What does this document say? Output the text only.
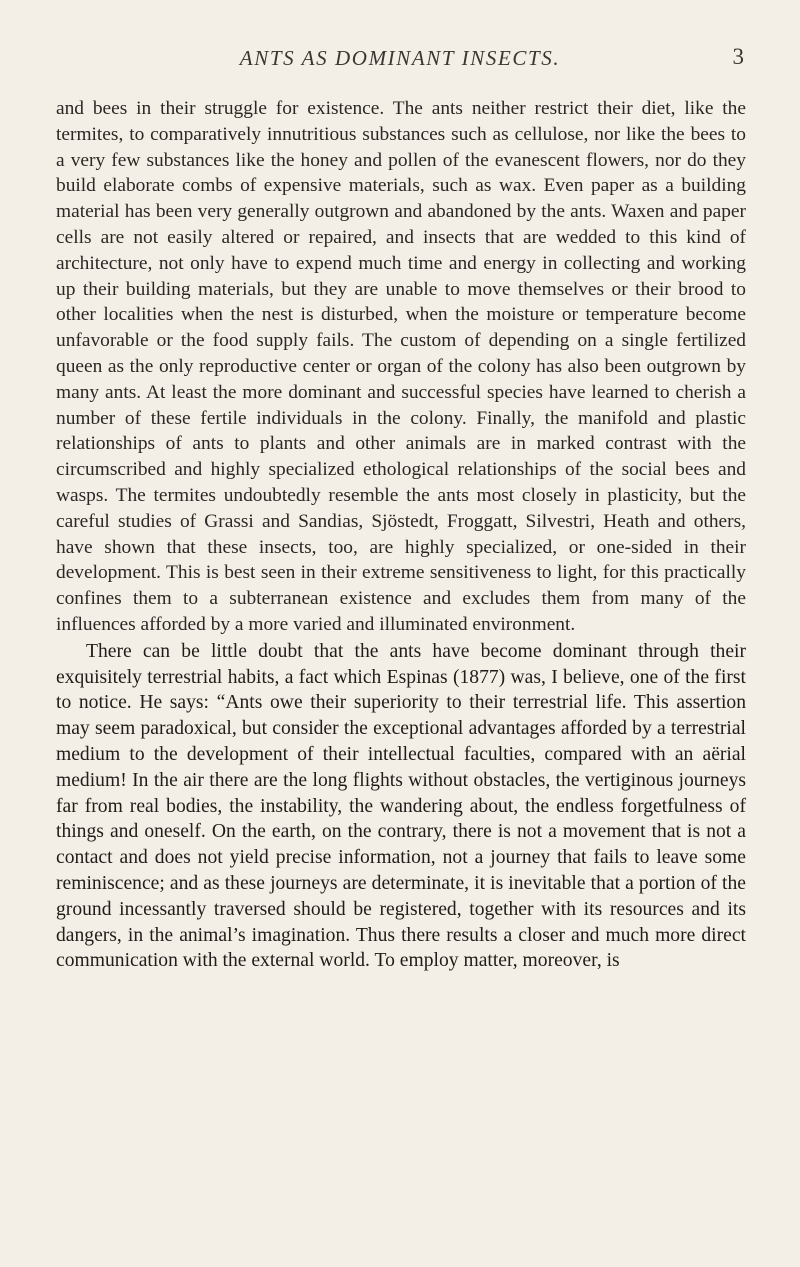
ANTS AS DOMINANT INSECTS.	3

and bees in their struggle for existence. The ants neither restrict their diet, like the termites, to comparatively innutritious substances such as cellulose, nor like the bees to a very few substances like the honey and pollen of the evanescent flowers, nor do they build elaborate combs of expensive materials, such as wax. Even paper as a building material has been very generally outgrown and abandoned by the ants. Waxen and paper cells are not easily altered or repaired, and insects that are wedded to this kind of architecture, not only have to expend much time and energy in collecting and working up their building materials, but they are unable to move themselves or their brood to other localities when the nest is disturbed, when the moisture or temperature become unfavorable or the food supply fails. The custom of depending on a single fertilized queen as the only reproductive center or organ of the colony has also been outgrown by many ants. At least the more dominant and successful species have learned to cherish a number of these fertile individuals in the colony. Finally, the manifold and plastic relationships of ants to plants and other animals are in marked contrast with the circumscribed and highly specialized ethological relationships of the social bees and wasps. The termites undoubtedly resemble the ants most closely in plasticity, but the careful studies of Grassi and Sandias, Sjöstedt, Froggatt, Silvestri, Heath and others, have shown that these insects, too, are highly specialized, or one-sided in their development. This is best seen in their extreme sensitiveness to light, for this practically confines them to a subterranean existence and excludes them from many of the influences afforded by a more varied and illuminated environment.

There can be little doubt that the ants have become dominant through their exquisitely terrestrial habits, a fact which Espinas (1877) was, I believe, one of the first to notice. He says: “Ants owe their superiority to their terrestrial life. This assertion may seem paradoxical, but consider the exceptional advantages afforded by a terrestrial medium to the development of their intellectual faculties, compared with an aërial medium! In the air there are the long flights without obstacles, the vertiginous journeys far from real bodies, the instability, the wandering about, the endless forgetfulness of things and oneself. On the earth, on the contrary, there is not a movement that is not a contact and does not yield precise information, not a journey that fails to leave some reminiscence; and as these journeys are determinate, it is inevitable that a portion of the ground incessantly traversed should be registered, together with its resources and its dangers, in the animal’s imagination. Thus there results a closer and much more direct communication with the external world. To employ matter, moreover, is
